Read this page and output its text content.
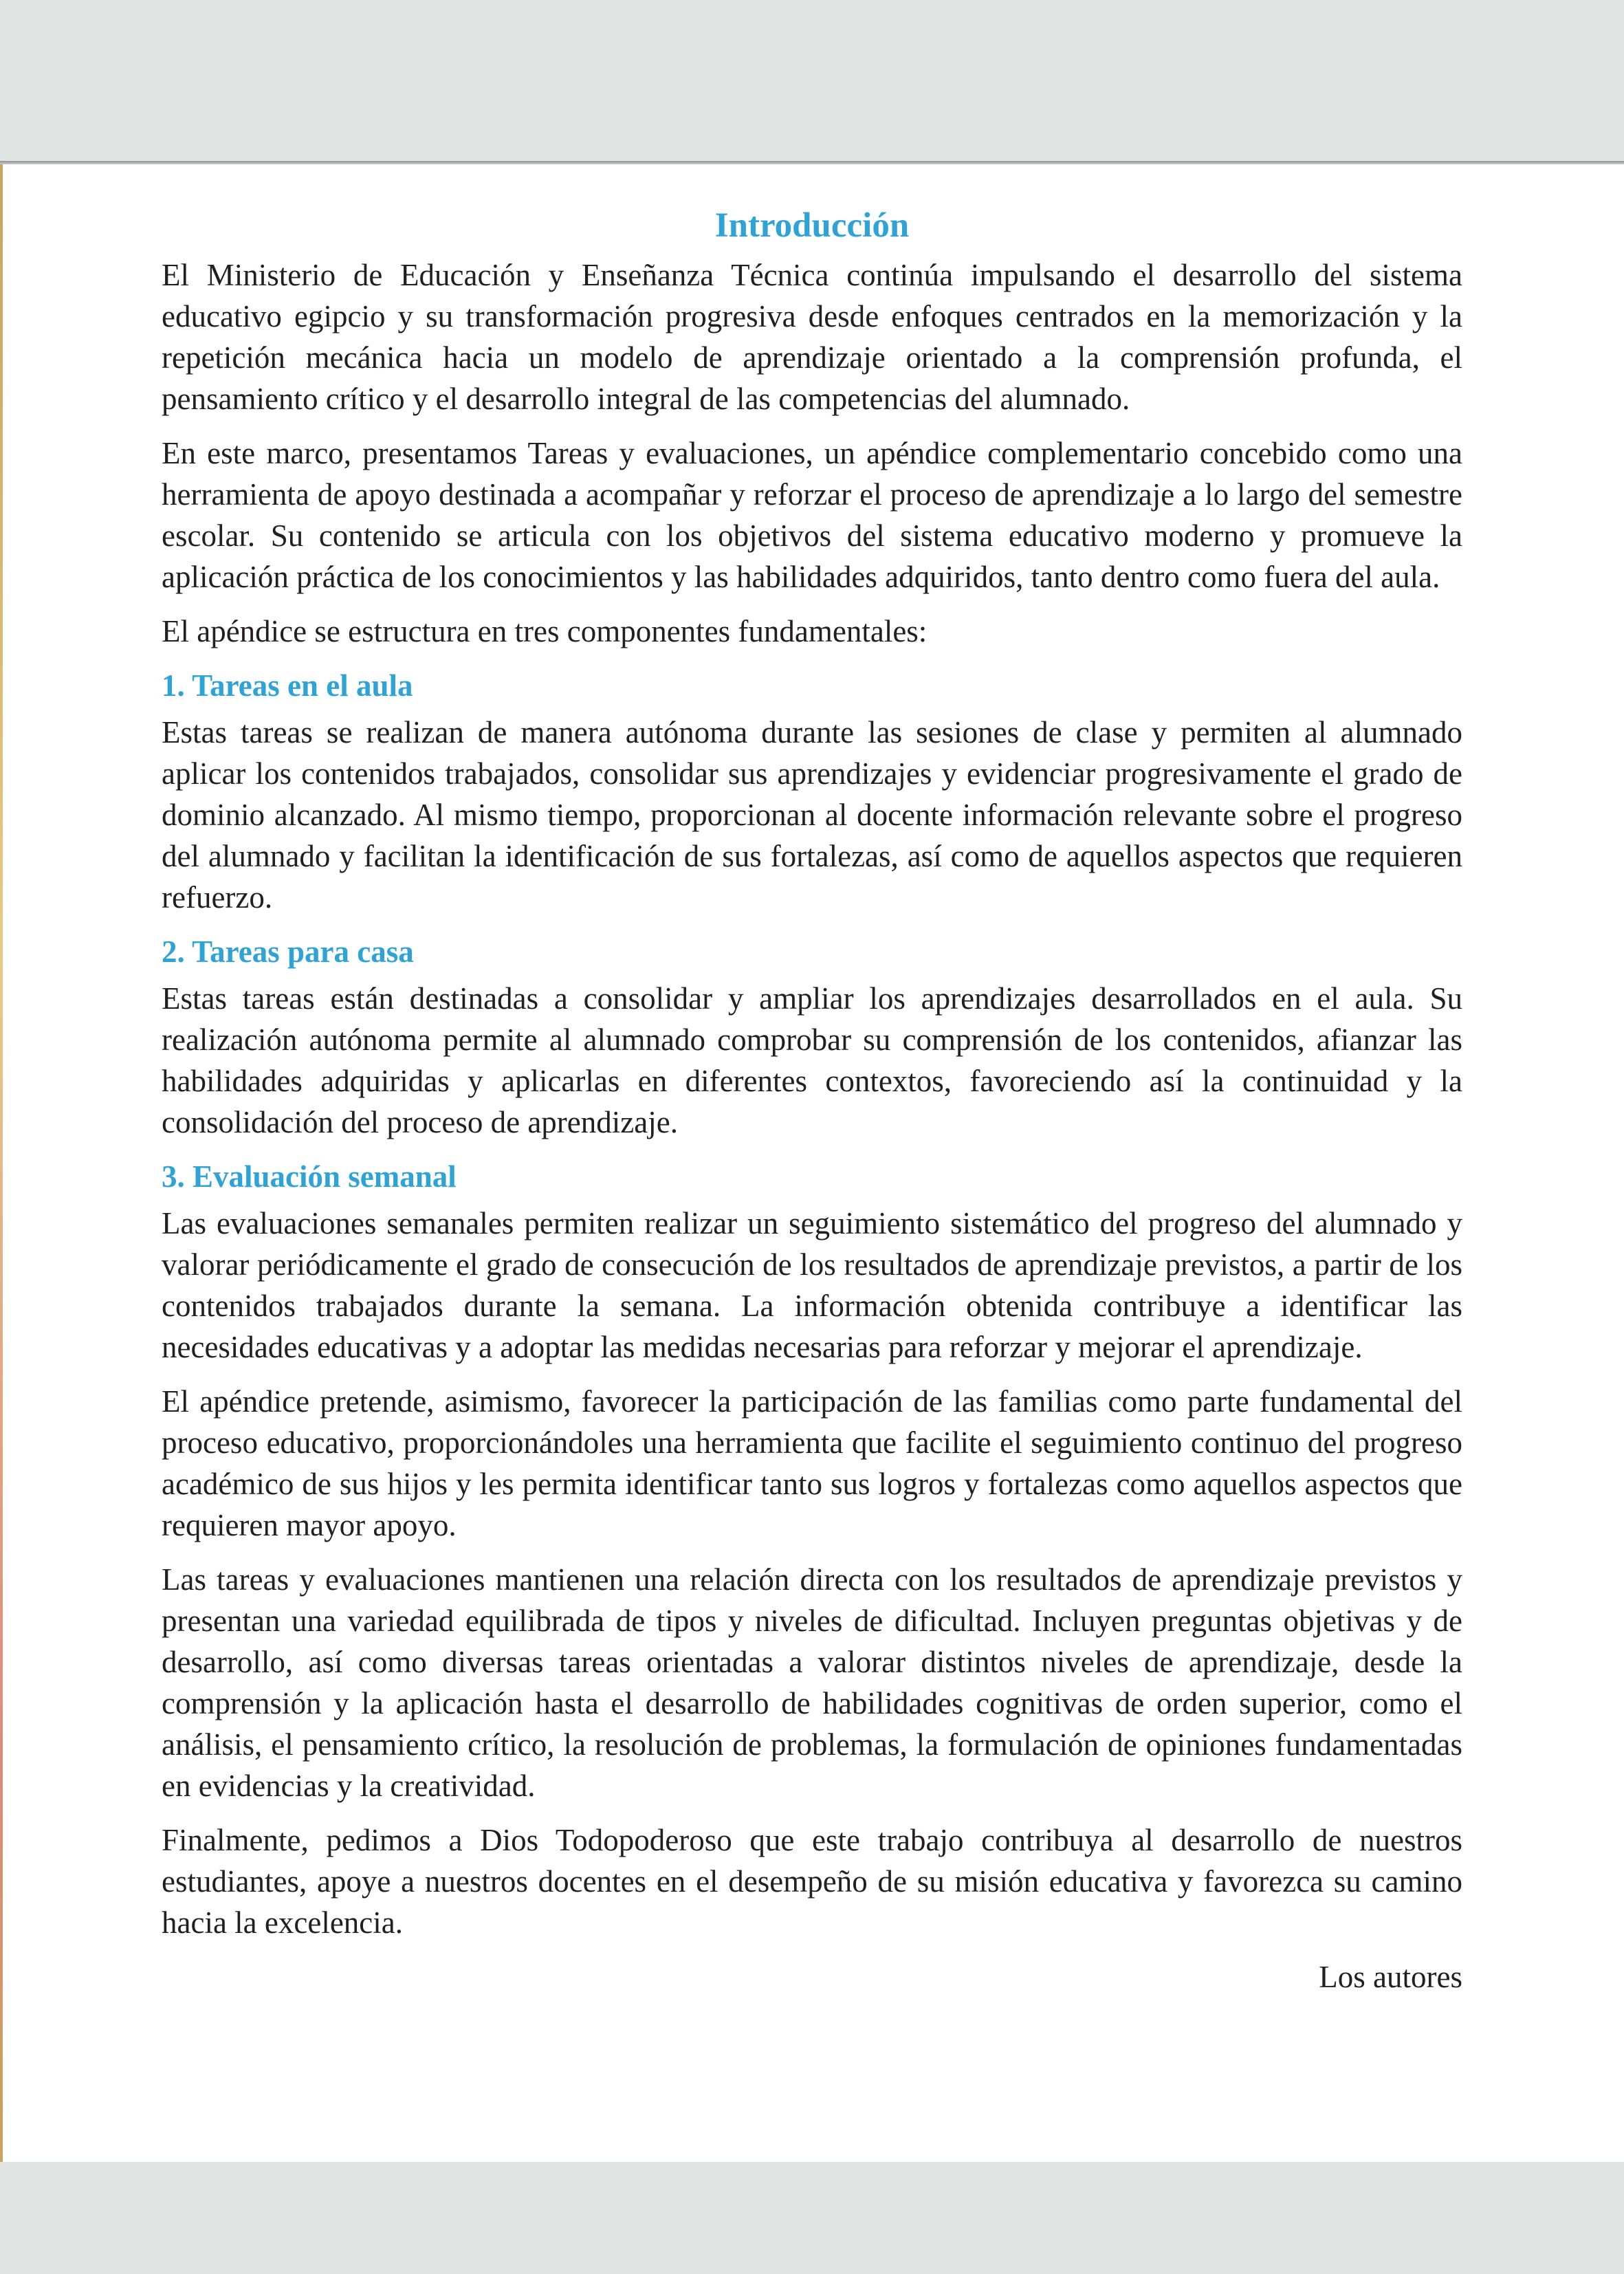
Introducción

El Ministerio de Educación y Enseñanza Técnica continúa impulsando el desarrollo del sistema educativo egipcio y su transformación progresiva desde enfoques centrados en la memorización y la repetición mecánica hacia un modelo de aprendizaje orientado a la comprensión profunda, el pensamiento crítico y el desarrollo integral de las competencias del alumnado.

En este marco, presentamos Tareas y evaluaciones, un apéndice complementario concebido como una herramienta de apoyo destinada a acompañar y reforzar el proceso de aprendizaje a lo largo del semestre escolar. Su contenido se articula con los objetivos del sistema educativo moderno y promueve la aplicación práctica de los conocimientos y las habilidades adquiridos, tanto dentro como fuera del aula.

El apéndice se estructura en tres componentes fundamentales:

1. Tareas en el aula

Estas tareas se realizan de manera autónoma durante las sesiones de clase y permiten al alumnado aplicar los contenidos trabajados, consolidar sus aprendizajes y evidenciar progresivamente el grado de dominio alcanzado. Al mismo tiempo, proporcionan al docente información relevante sobre el progreso del alumnado y facilitan la identificación de sus fortalezas, así como de aquellos aspectos que requieren refuerzo.

2. Tareas para casa

Estas tareas están destinadas a consolidar y ampliar los aprendizajes desarrollados en el aula. Su realización autónoma permite al alumnado comprobar su comprensión de los contenidos, afianzar las habilidades adquiridas y aplicarlas en diferentes contextos, favoreciendo así la continuidad y la consolidación del proceso de aprendizaje.

3. Evaluación semanal

Las evaluaciones semanales permiten realizar un seguimiento sistemático del progreso del alumnado y valorar periódicamente el grado de consecución de los resultados de aprendizaje previstos, a partir de los contenidos trabajados durante la semana. La información obtenida contribuye a identificar las necesidades educativas y a adoptar las medidas necesarias para reforzar y mejorar el aprendizaje.

El apéndice pretende, asimismo, favorecer la participación de las familias como parte fundamental del proceso educativo, proporcionándoles una herramienta que facilite el seguimiento continuo del progreso académico de sus hijos y les permita identificar tanto sus logros y fortalezas como aquellos aspectos que requieren mayor apoyo.

Las tareas y evaluaciones mantienen una relación directa con los resultados de aprendizaje previstos y presentan una variedad equilibrada de tipos y niveles de dificultad. Incluyen preguntas objetivas y de desarrollo, así como diversas tareas orientadas a valorar distintos niveles de aprendizaje, desde la comprensión y la aplicación hasta el desarrollo de habilidades cognitivas de orden superior, como el análisis, el pensamiento crítico, la resolución de problemas, la formulación de opiniones fundamentadas en evidencias y la creatividad.

Finalmente, pedimos a Dios Todopoderoso que este trabajo contribuya al desarrollo de nuestros estudiantes, apoye a nuestros docentes en el desempeño de su misión educativa y favorezca su camino hacia la excelencia.

Los autores
